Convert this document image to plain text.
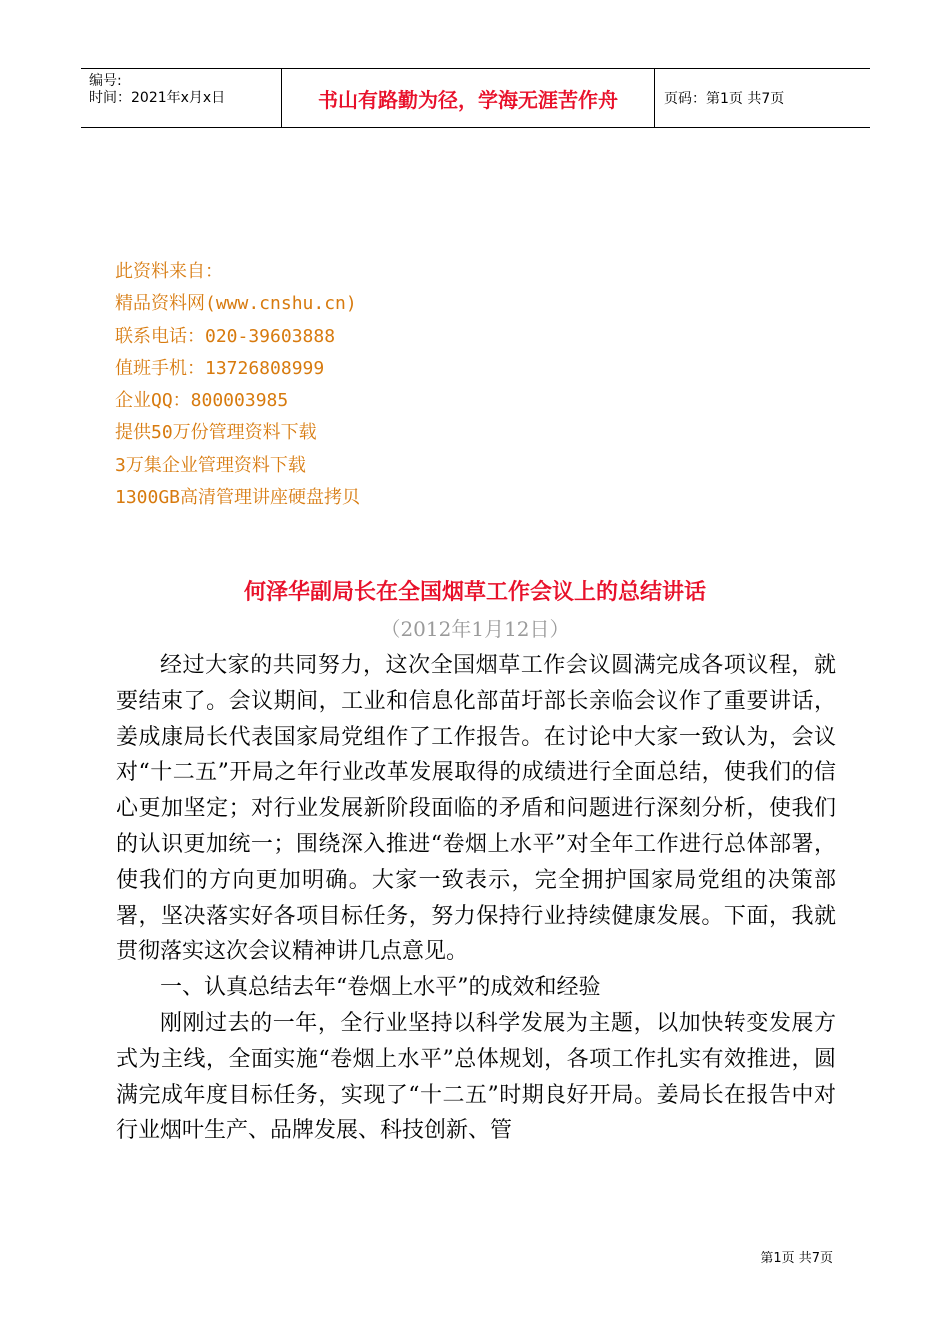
编号:
时间：2021年x月x日	书山有路勤为径，学海无涯苦作舟	页码：第1页 共7页
此资料来自：
精品资料网(www.cnshu.cn)
联系电话：020-39603888
值班手机：13726808999
企业QQ：800003985
提供50万份管理资料下载
3万集企业管理资料下载
1300GB高清管理讲座硬盘拷贝
何泽华副局长在全国烟草工作会议上的总结讲话
（2012年1月12日）

经过大家的共同努力，这次全国烟草工作会议圆满完成各项议程，就要结束了。会议期间，工业和信息化部苗圩部长亲临会议作了重要讲话，姜成康局长代表国家局党组作了工作报告。在讨论中大家一致认为，会议对“十二五”开局之年行业改革发展取得的成绩进行全面总结，使我们的信心更加坚定；对行业发展新阶段面临的矛盾和问题进行深刻分析，使我们的认识更加统一；围绕深入推进“卷烟上水平”对全年工作进行总体部署，使我们的方向更加明确。大家一致表示，完全拥护国家局党组的决策部署，坚决落实好各项目标任务，努力保持行业持续健康发展。下面，我就贯彻落实这次会议精神讲几点意见。

一、认真总结去年“卷烟上水平”的成效和经验

刚刚过去的一年，全行业坚持以科学发展为主题，以加快转变发展方式为主线，全面实施“卷烟上水平”总体规划，各项工作扎实有效推进，圆满完成年度目标任务，实现了“十二五”时期良好开局。姜局长在报告中对行业烟叶生产、品牌发展、科技创新、管

第1页 共7页
